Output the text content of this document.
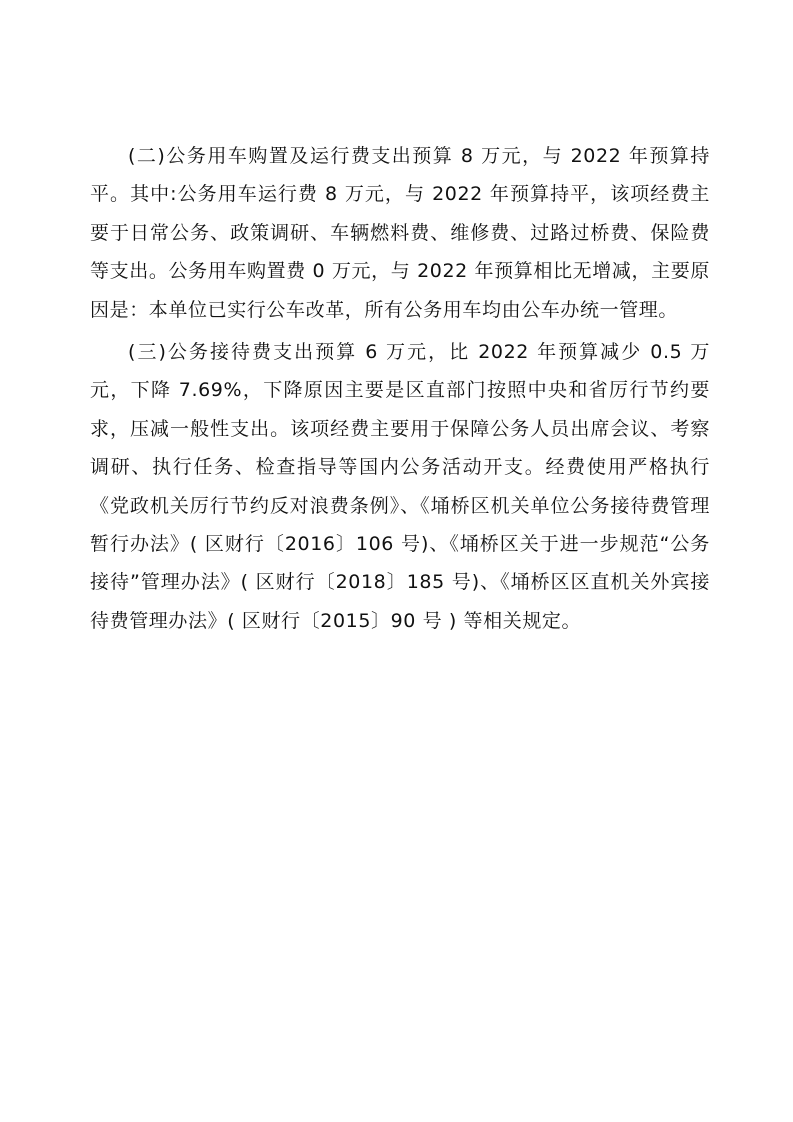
(二)公务用车购置及运行费支出预算 8 万元，与 2022 年预算持平。其中:公务用车运行费 8 万元，与 2022 年预算持平，该项经费主要于日常公务、政策调研、车辆燃料费、维修费、过路过桥费、保险费等支出。公务用车购置费 0 万元，与 2022 年预算相比无增减，主要原因是：本单位已实行公车改革，所有公务用车均由公车办统一管理。

(三)公务接待费支出预算 6 万元，比 2022 年预算减少 0.5 万元，下降 7.69%，下降原因主要是区直部门按照中央和省厉行节约要求，压减一般性支出。该项经费主要用于保障公务人员出席会议、考察调研、执行任务、检查指导等国内公务活动开支。经费使用严格执行《党政机关厉行节约反对浪费条例》、《埇桥区机关单位公务接待费管理暂行办法》( 区财行〔2016〕106 号)、《埇桥区关于进一步规范“公务接待”管理办法》( 区财行〔2018〕185 号)、《埇桥区区直机关外宾接待费管理办法》( 区财行〔2015〕90 号 ) 等相关规定。
